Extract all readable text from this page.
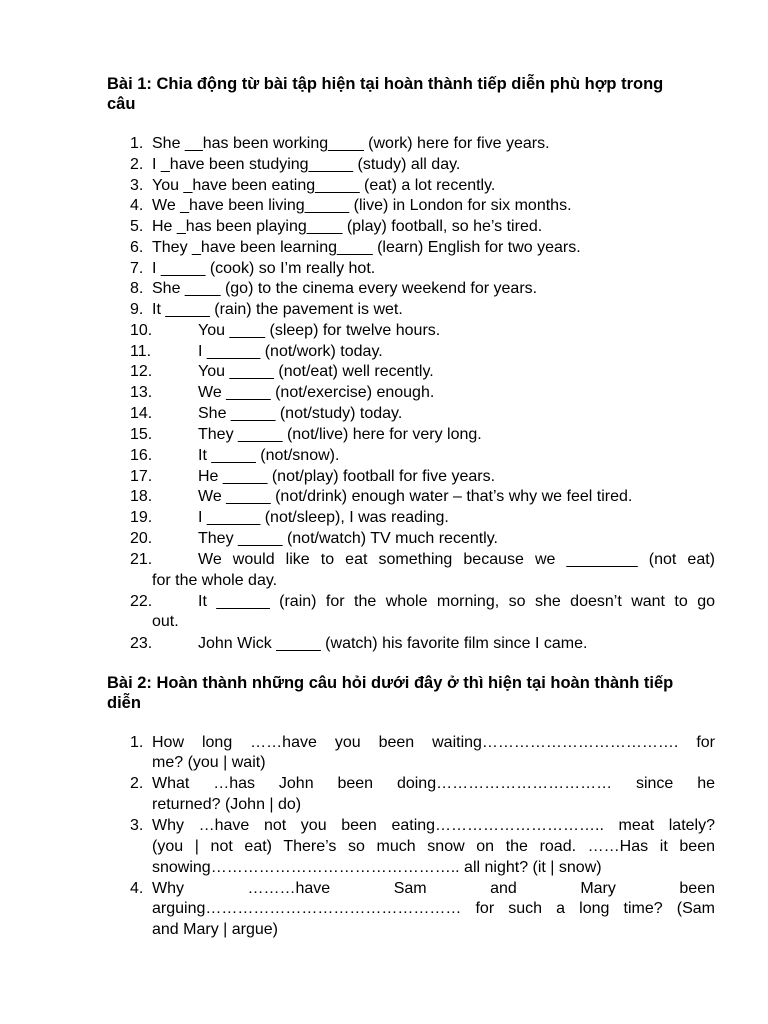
Bài 1: Chia động từ bài tập hiện tại hoàn thành tiếp diễn phù hợp trong
câu
1. She __has been working____ (work) here for five years.
2. I _have been studying_____ (study) all day.
3. You _have been eating_____ (eat) a lot recently.
4. We _have been living_____ (live) in London for six months.
5. He _has been playing____ (play) football, so he’s tired.
6. They _have been learning____ (learn) English for two years.
7. I _____ (cook) so I’m really hot.
8. She ____ (go) to the cinema every weekend for years.
9. It _____ (rain) the pavement is wet.
10.	You ____ (sleep) for twelve hours.
11.	I ______ (not/work) today.
12.	You _____ (not/eat) well recently.
13.	We _____ (not/exercise) enough.
14.	She _____ (not/study) today.
15.	They _____ (not/live) here for very long.
16.	It _____ (not/snow).
17.	He _____ (not/play) football for five years.
18.	We _____ (not/drink) enough water – that’s why we feel tired.
19.	I ______ (not/sleep), I was reading.
20.	They _____ (not/watch) TV much recently.
21.	We would like to eat something because we ________ (not eat)
for the whole day.
22.	It ______ (rain) for the whole morning, so she doesn’t want to go
out.
23.	John Wick _____ (watch) his favorite film since I came.
Bài 2: Hoàn thành những câu hỏi dưới đây ở thì hiện tại hoàn thành tiếp
diễn
1. How long ……have you been waiting………………………………. for
me? (you | wait)
2. What …has John been doing…………………………… since he
returned? (John | do)
3. Why …have not you been eating………………………….. meat lately?
(you | not eat) There’s so much snow on the road. ……Has it been
snowing……………………………………….. all night? (it | snow)
4. Why ………have Sam and Mary been
arguing………………………………………… for such a long time? (Sam
and Mary | argue)
